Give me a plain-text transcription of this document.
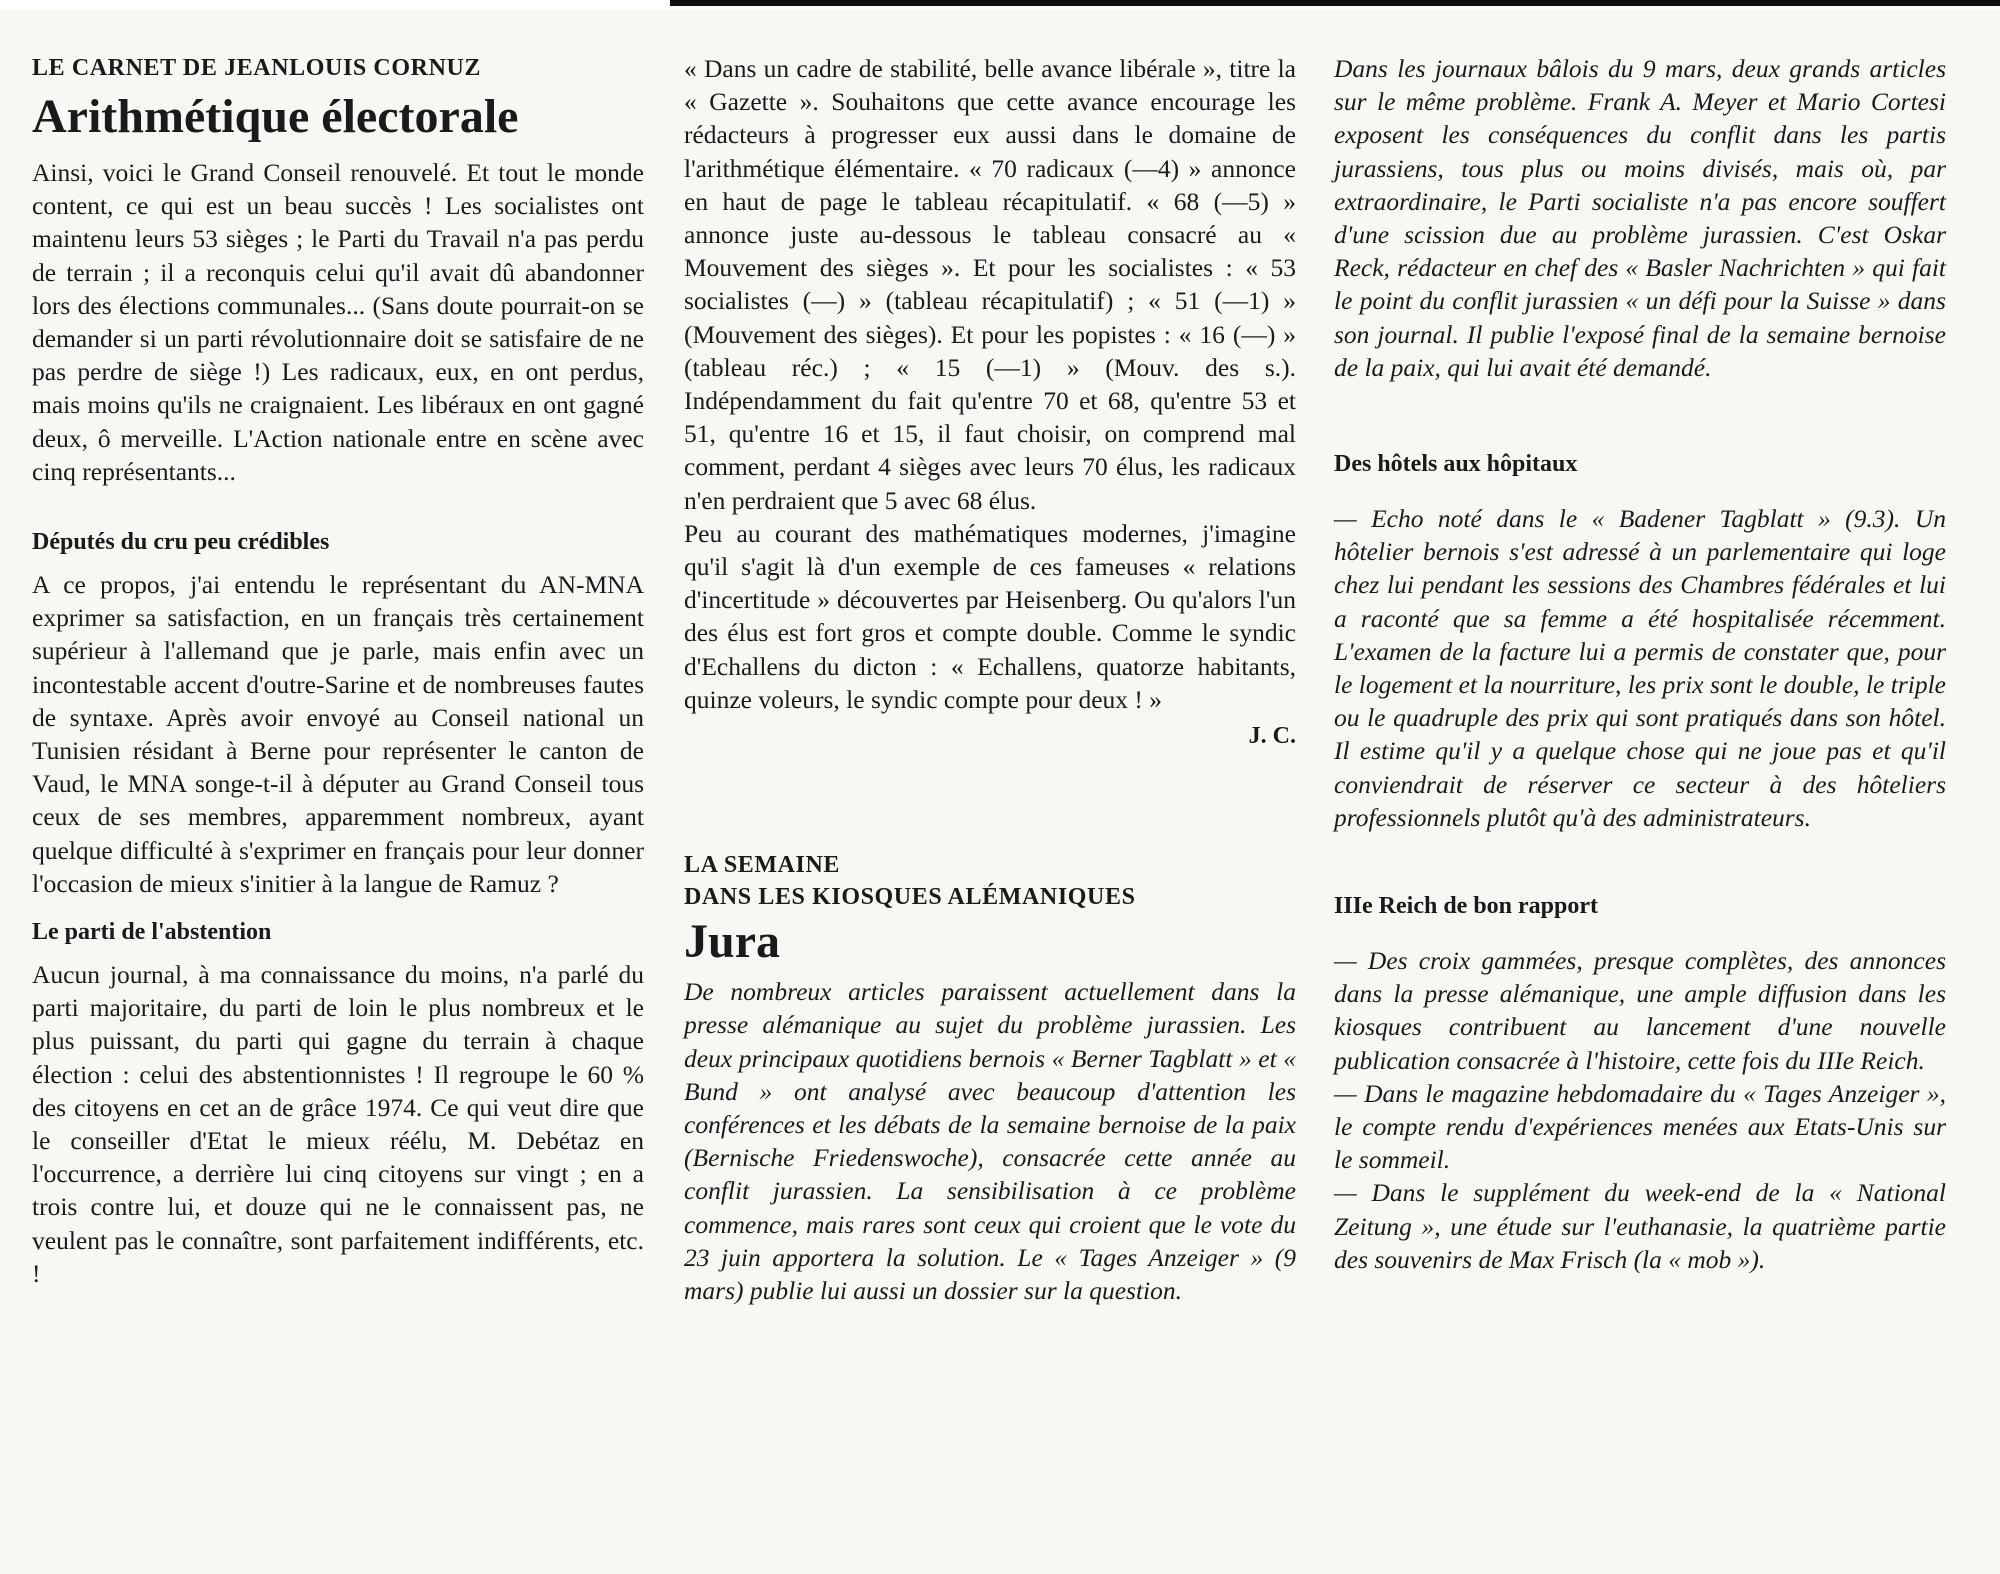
LE CARNET DE JEANLOUIS CORNUZ
Arithmétique électorale

Ainsi, voici le Grand Conseil renouvelé. Et tout le monde content, ce qui est un beau succès ! Les socialistes ont maintenu leurs 53 sièges ; le Parti du Travail n'a pas perdu de terrain ; il a reconquis celui qu'il avait dû abandonner lors des élections communales... (Sans doute pourrait-on se demander si un parti révolutionnaire doit se satisfaire de ne pas perdre de siège !) Les radicaux, eux, en ont perdus, mais moins qu'ils ne craignaient. Les libéraux en ont gagné deux, ô merveille. L'Action nationale entre en scène avec cinq représentants...

Députés du cru peu crédibles

A ce propos, j'ai entendu le représentant du AN-MNA exprimer sa satisfaction, en un français très certainement supérieur à l'allemand que je parle, mais enfin avec un incontestable accent d'outre-Sarine et de nombreuses fautes de syntaxe. Après avoir envoyé au Conseil national un Tunisien résidant à Berne pour représenter le canton de Vaud, le MNA songe-t-il à députer au Grand Conseil tous ceux de ses membres, apparemment nombreux, ayant quelque difficulté à s'exprimer en français pour leur donner l'occasion de mieux s'initier à la langue de Ramuz ?

Le parti de l'abstention

Aucun journal, à ma connaissance du moins, n'a parlé du parti majoritaire, du parti de loin le plus nombreux et le plus puissant, du parti qui gagne du terrain à chaque élection : celui des abstentionnistes ! Il regroupe le 60 % des citoyens en cet an de grâce 1974. Ce qui veut dire que le conseiller d'Etat le mieux réélu, M. Debétaz en l'occurrence, a derrière lui cinq citoyens sur vingt ; en a trois contre lui, et douze qui ne le connaissent pas, ne veulent pas le connaître, sont parfaitement indifférents, etc. !

« Dans un cadre de stabilité, belle avance libérale », titre la « Gazette ». Souhaitons que cette avance encourage les rédacteurs à progresser eux aussi dans le domaine de l'arithmétique élémentaire. « 70 radicaux (—4) » annonce en haut de page le tableau récapitulatif. « 68 (—5) » annonce juste au-dessous le tableau consacré au « Mouvement des sièges ». Et pour les socialistes : « 53 socialistes (—) » (tableau récapitulatif) ; « 51 (—1) » (Mouvement des sièges). Et pour les popistes : « 16 (—) » (tableau réc.) ; « 15 (—1) » (Mouv. des s.). Indépendamment du fait qu'entre 70 et 68, qu'entre 53 et 51, qu'entre 16 et 15, il faut choisir, on comprend mal comment, perdant 4 sièges avec leurs 70 élus, les radicaux n'en perdraient que 5 avec 68 élus.

Peu au courant des mathématiques modernes, j'imagine qu'il s'agit là d'un exemple de ces fameuses « relations d'incertitude » découvertes par Heisenberg. Ou qu'alors l'un des élus est fort gros et compte double. Comme le syndic d'Echallens du dicton : « Echallens, quatorze habitants, quinze voleurs, le syndic compte pour deux ! »

J. C.

LA SEMAINE
DANS LES KIOSQUES ALÉMANIQUES
Jura

De nombreux articles paraissent actuellement dans la presse alémanique au sujet du problème jurassien. Les deux principaux quotidiens bernois « Berner Tagblatt » et « Bund » ont analysé avec beaucoup d'attention les conférences et les débats de la semaine bernoise de la paix (Bernische Friedenswoche), consacrée cette année au conflit jurassien. La sensibilisation à ce problème commence, mais rares sont ceux qui croient que le vote du 23 juin apportera la solution. Le « Tages Anzeiger » (9 mars) publie lui aussi un dossier sur la question.

Dans les journaux bâlois du 9 mars, deux grands articles sur le même problème. Frank A. Meyer et Mario Cortesi exposent les conséquences du conflit dans les partis jurassiens, tous plus ou moins divisés, mais où, par extraordinaire, le Parti socialiste n'a pas encore souffert d'une scission due au problème jurassien. C'est Oskar Reck, rédacteur en chef des « Basler Nachrichten » qui fait le point du conflit jurassien « un défi pour la Suisse » dans son journal. Il publie l'exposé final de la semaine bernoise de la paix, qui lui avait été demandé.

Des hôtels aux hôpitaux

— Echo noté dans le « Badener Tagblatt » (9.3). Un hôtelier bernois s'est adressé à un parlementaire qui loge chez lui pendant les sessions des Chambres fédérales et lui a raconté que sa femme a été hospitalisée récemment. L'examen de la facture lui a permis de constater que, pour le logement et la nourriture, les prix sont le double, le triple ou le quadruple des prix qui sont pratiqués dans son hôtel. Il estime qu'il y a quelque chose qui ne joue pas et qu'il conviendrait de réserver ce secteur à des hôteliers professionnels plutôt qu'à des administrateurs.

IIIe Reich de bon rapport

— Des croix gammées, presque complètes, des annonces dans la presse alémanique, une ample diffusion dans les kiosques contribuent au lancement d'une nouvelle publication consacrée à l'histoire, cette fois du IIIe Reich.

— Dans le magazine hebdomadaire du « Tages Anzeiger », le compte rendu d'expériences menées aux Etats-Unis sur le sommeil.

— Dans le supplément du week-end de la « National Zeitung », une étude sur l'euthanasie, la quatrième partie des souvenirs de Max Frisch (la « mob »).
